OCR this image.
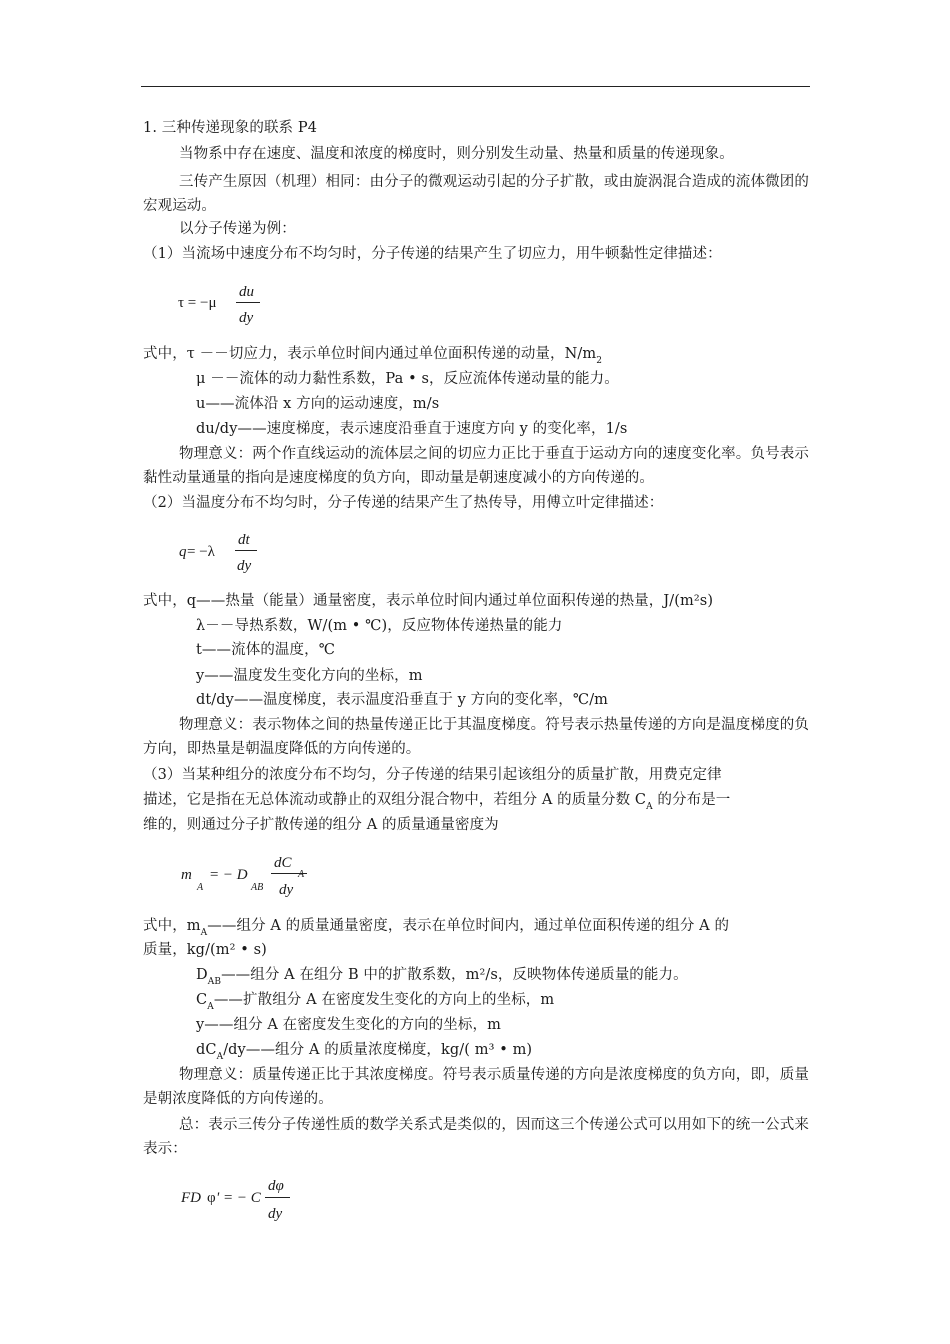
1. 三种传递现象的联系 P4
当物系中存在速度、温度和浓度的梯度时，则分别发生动量、热量和质量的传递现象。
三传产生原因（机理）相同：由分子的微观运动引起的分子扩散，或由旋涡混合造成的流体微团的宏观运动。
以分子传递为例：
（1）当流场中速度分布不均匀时，分子传递的结果产生了切应力，用牛顿黏性定律描述：
τ = −μ
du
dy
式中，τ －－切应力，表示单位时间内通过单位面积传递的动量，$N/m_2$
μ －－流体的动力黏性系数，Pa • s，反应流体传递动量的能力。
u——流体沿 x 方向的运动速度，m/s
du/dy——速度梯度，表示速度沿垂直于速度方向 y 的变化率，1/s
物理意义：两个作直线运动的流体层之间的切应力正比于垂直于运动方向的速度变化率。负号表示黏性动量通量的指向是速度梯度的负方向，即动量是朝速度减小的方向传递的。
（2）当温度分布不均匀时，分子传递的结果产生了热传导，用傅立叶定律描述：
q = −λ
dt
dy
式中，q——热量（能量）通量密度，表示单位时间内通过单位面积传递的热量，J/(m²s)
λ－－导热系数，W/(m • ℃)，反应物体传递热量的能力
t——流体的温度，℃
y——温度发生变化方向的坐标，m
dt/dy——温度梯度，表示温度沿垂直于 y 方向的变化率，℃/m
物理意义：表示物体之间的热量传递正比于其温度梯度。符号表示热量传递的方向是温度梯度的负方向，即热量是朝温度降低的方向传递的。
（3）当某种组分的浓度分布不均匀，分子传递的结果引起该组分的质量扩散，用费克定律
描述，它是指在无总体流动或静止的双组分混合物中，若组分 A 的质量分数 $C_A$ 的分布是一
维的，则通过分子扩散传递的组分 A 的质量通量密度为
m
A
= − D
AB
dC
A
dy
式中，$m_A——$组分 A 的质量通量密度，表示在单位时间内，通过单位面积传递的组分 A 的
质量，kg/(m² • s)
$D_{AB}——$组分 A 在组分 B 中的扩散系数，m²/s，反映物体传递质量的能力。
$C_A——$扩散组分 A 在密度发生变化的方向上的坐标，m
y——组分 A 在密度发生变化的方向的坐标，m
$dC_A/dy——$组分 A 的质量浓度梯度，kg/( m³ • m)
物理意义：质量传递正比于其浓度梯度。符号表示质量传递的方向是浓度梯度的负方向，即，质量是朝浓度降低的方向传递的。
总：表示三传分子传递性质的数学关系式是类似的，因而这三个传递公式可以用如下的统一公式来表示：
FD φ ' = − C
dφ
dy
